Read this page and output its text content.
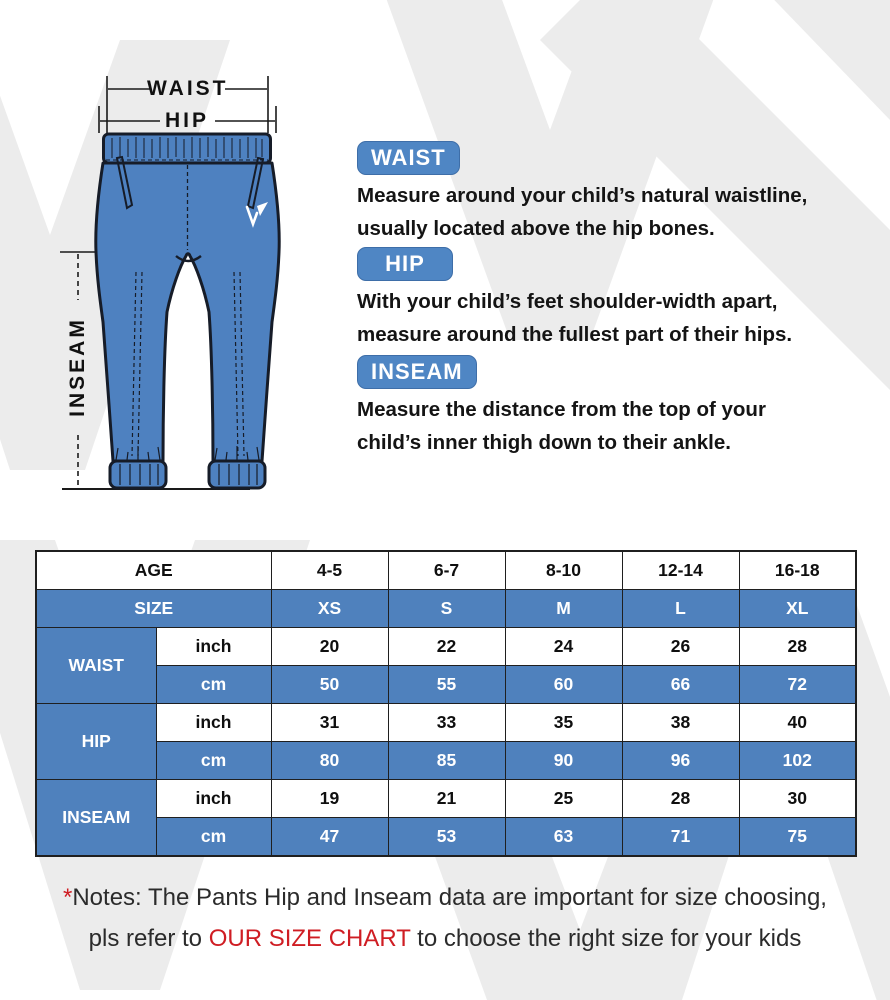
WAIST
HIP
INSEAM
WAIST
Measure around your child’s natural waistline,
usually located above the hip bones.
HIP
With your child’s feet shoulder-width apart,
measure around the fullest part of their hips.
INSEAM
Measure the distance from the top of your
child’s inner thigh down to their ankle.
AGE		4-5	6-7	8-10	12-14	16-18
SIZE		XS	S	M	L	XL
WAIST	inch	20	22	24	26	28
	cm	50	55	60	66	72
HIP	inch	31	33	35	38	40
	cm	80	85	90	96	102
INSEAM	inch	19	21	25	28	30
	cm	47	53	63	71	75
*Notes: The Pants Hip and Inseam data are important for size choosing,
pls refer to OUR SIZE CHART to choose the right size for your kids
